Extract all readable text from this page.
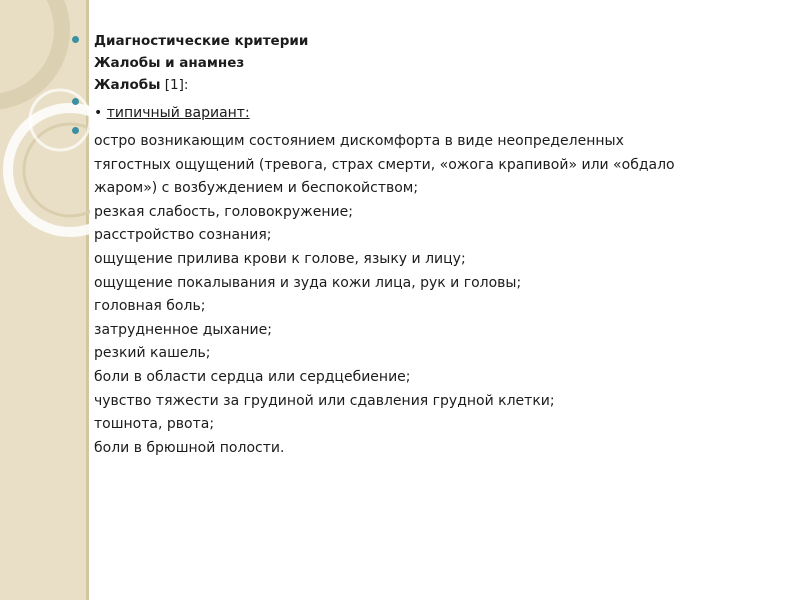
Диагностические критерии
Жалобы и анамнез
Жалобы [1]:
• типичный вариант:
остро возникающим состоянием дискомфорта в виде неопределенных
тягостных ощущений (тревога, страх смерти, «ожога крапивой» или «обдало
жаром») с возбуждением и беспокойством;
резкая слабость, головокружение;
расстройство сознания;
ощущение прилива крови к голове, языку и лицу;
ощущение покалывания и зуда кожи лица, рук и головы;
головная боль;
затрудненное дыхание;
резкий кашель;
боли в области сердца или сердцебиение;
чувство тяжести за грудиной или сдавления грудной клетки;
тошнота, рвота;
боли в брюшной полости.
